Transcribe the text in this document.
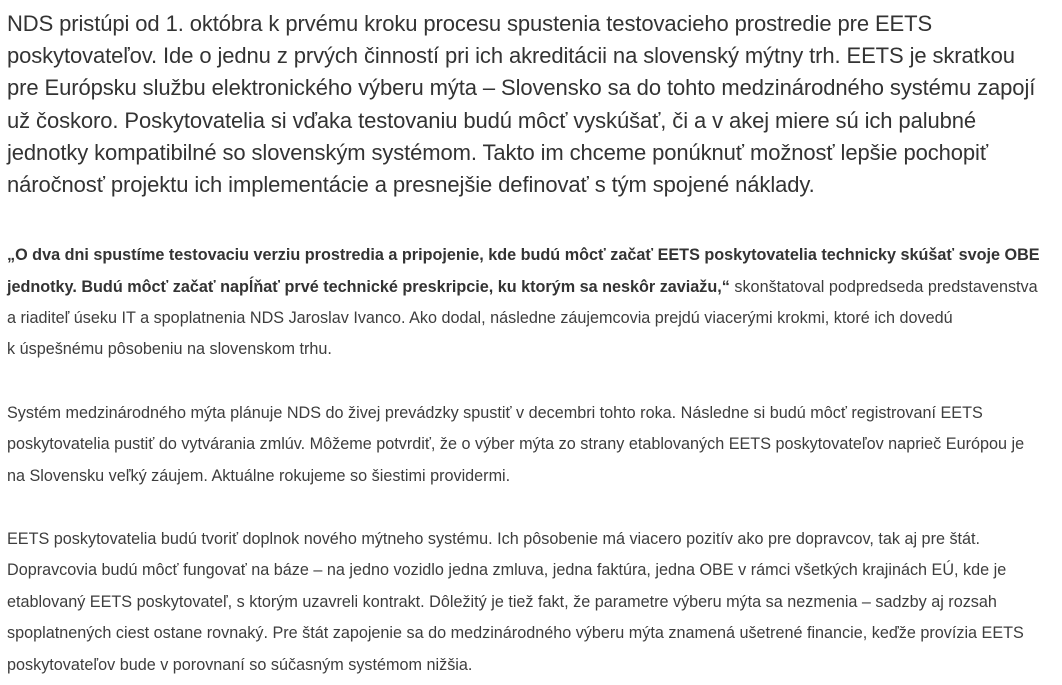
NDS pristúpi od 1. októbra k prvému kroku procesu spustenia testovacieho prostredie pre EETS
poskytovateľov. Ide o jednu z prvých činností pri ich akreditácii na slovenský mýtny trh. EETS je skratkou
pre Európsku službu elektronického výberu mýta – Slovensko sa do tohto medzinárodného systému zapojí
už čoskoro. Poskytovatelia si vďaka testovaniu budú môcť vyskúšať, či a v akej miere sú ich palubné
jednotky kompatibilné so slovenským systémom. Takto im chceme ponúknuť možnosť lepšie pochopiť
náročnosť projektu ich implementácie a presnejšie definovať s tým spojené náklady.

„O dva dni spustíme testovaciu verziu prostredia a pripojenie, kde budú môcť začať EETS poskytovatelia technicky skúšať svoje OBE
jednotky. Budú môcť začať napĺňať prvé technické preskripcie, ku ktorým sa neskôr zaviažu,“ skonštatoval podpredseda predstavenstva
a riaditeľ úseku IT a spoplatnenia NDS Jaroslav Ivanco. Ako dodal, následne záujemcovia prejdú viacerými krokmi, ktoré ich dovedú
k úspešnému pôsobeniu na slovenskom trhu.

Systém medzinárodného mýta plánuje NDS do živej prevádzky spustiť v decembri tohto roka. Následne si budú môcť registrovaní EETS
poskytovatelia pustiť do vytvárania zmlúv. Môžeme potvrdiť, že o výber mýta zo strany etablovaných EETS poskytovateľov naprieč Európou je
na Slovensku veľký záujem. Aktuálne rokujeme so šiestimi providermi.

EETS poskytovatelia budú tvoriť doplnok nového mýtneho systému. Ich pôsobenie má viacero pozitív ako pre dopravcov, tak aj pre štát.
Dopravcovia budú môcť fungovať na báze – na jedno vozidlo jedna zmluva, jedna faktúra, jedna OBE v rámci všetkých krajinách EÚ, kde je
etablovaný EETS poskytovateľ, s ktorým uzavreli kontrakt. Dôležitý je tiež fakt, že parametre výberu mýta sa nezmenia – sadzby aj rozsah
spoplatnených ciest ostane rovnaký. Pre štát zapojenie sa do medzinárodného výberu mýta znamená ušetrené financie, keďže provízia EETS
poskytovateľov bude v porovnaní so súčasným systémom nižšia.
